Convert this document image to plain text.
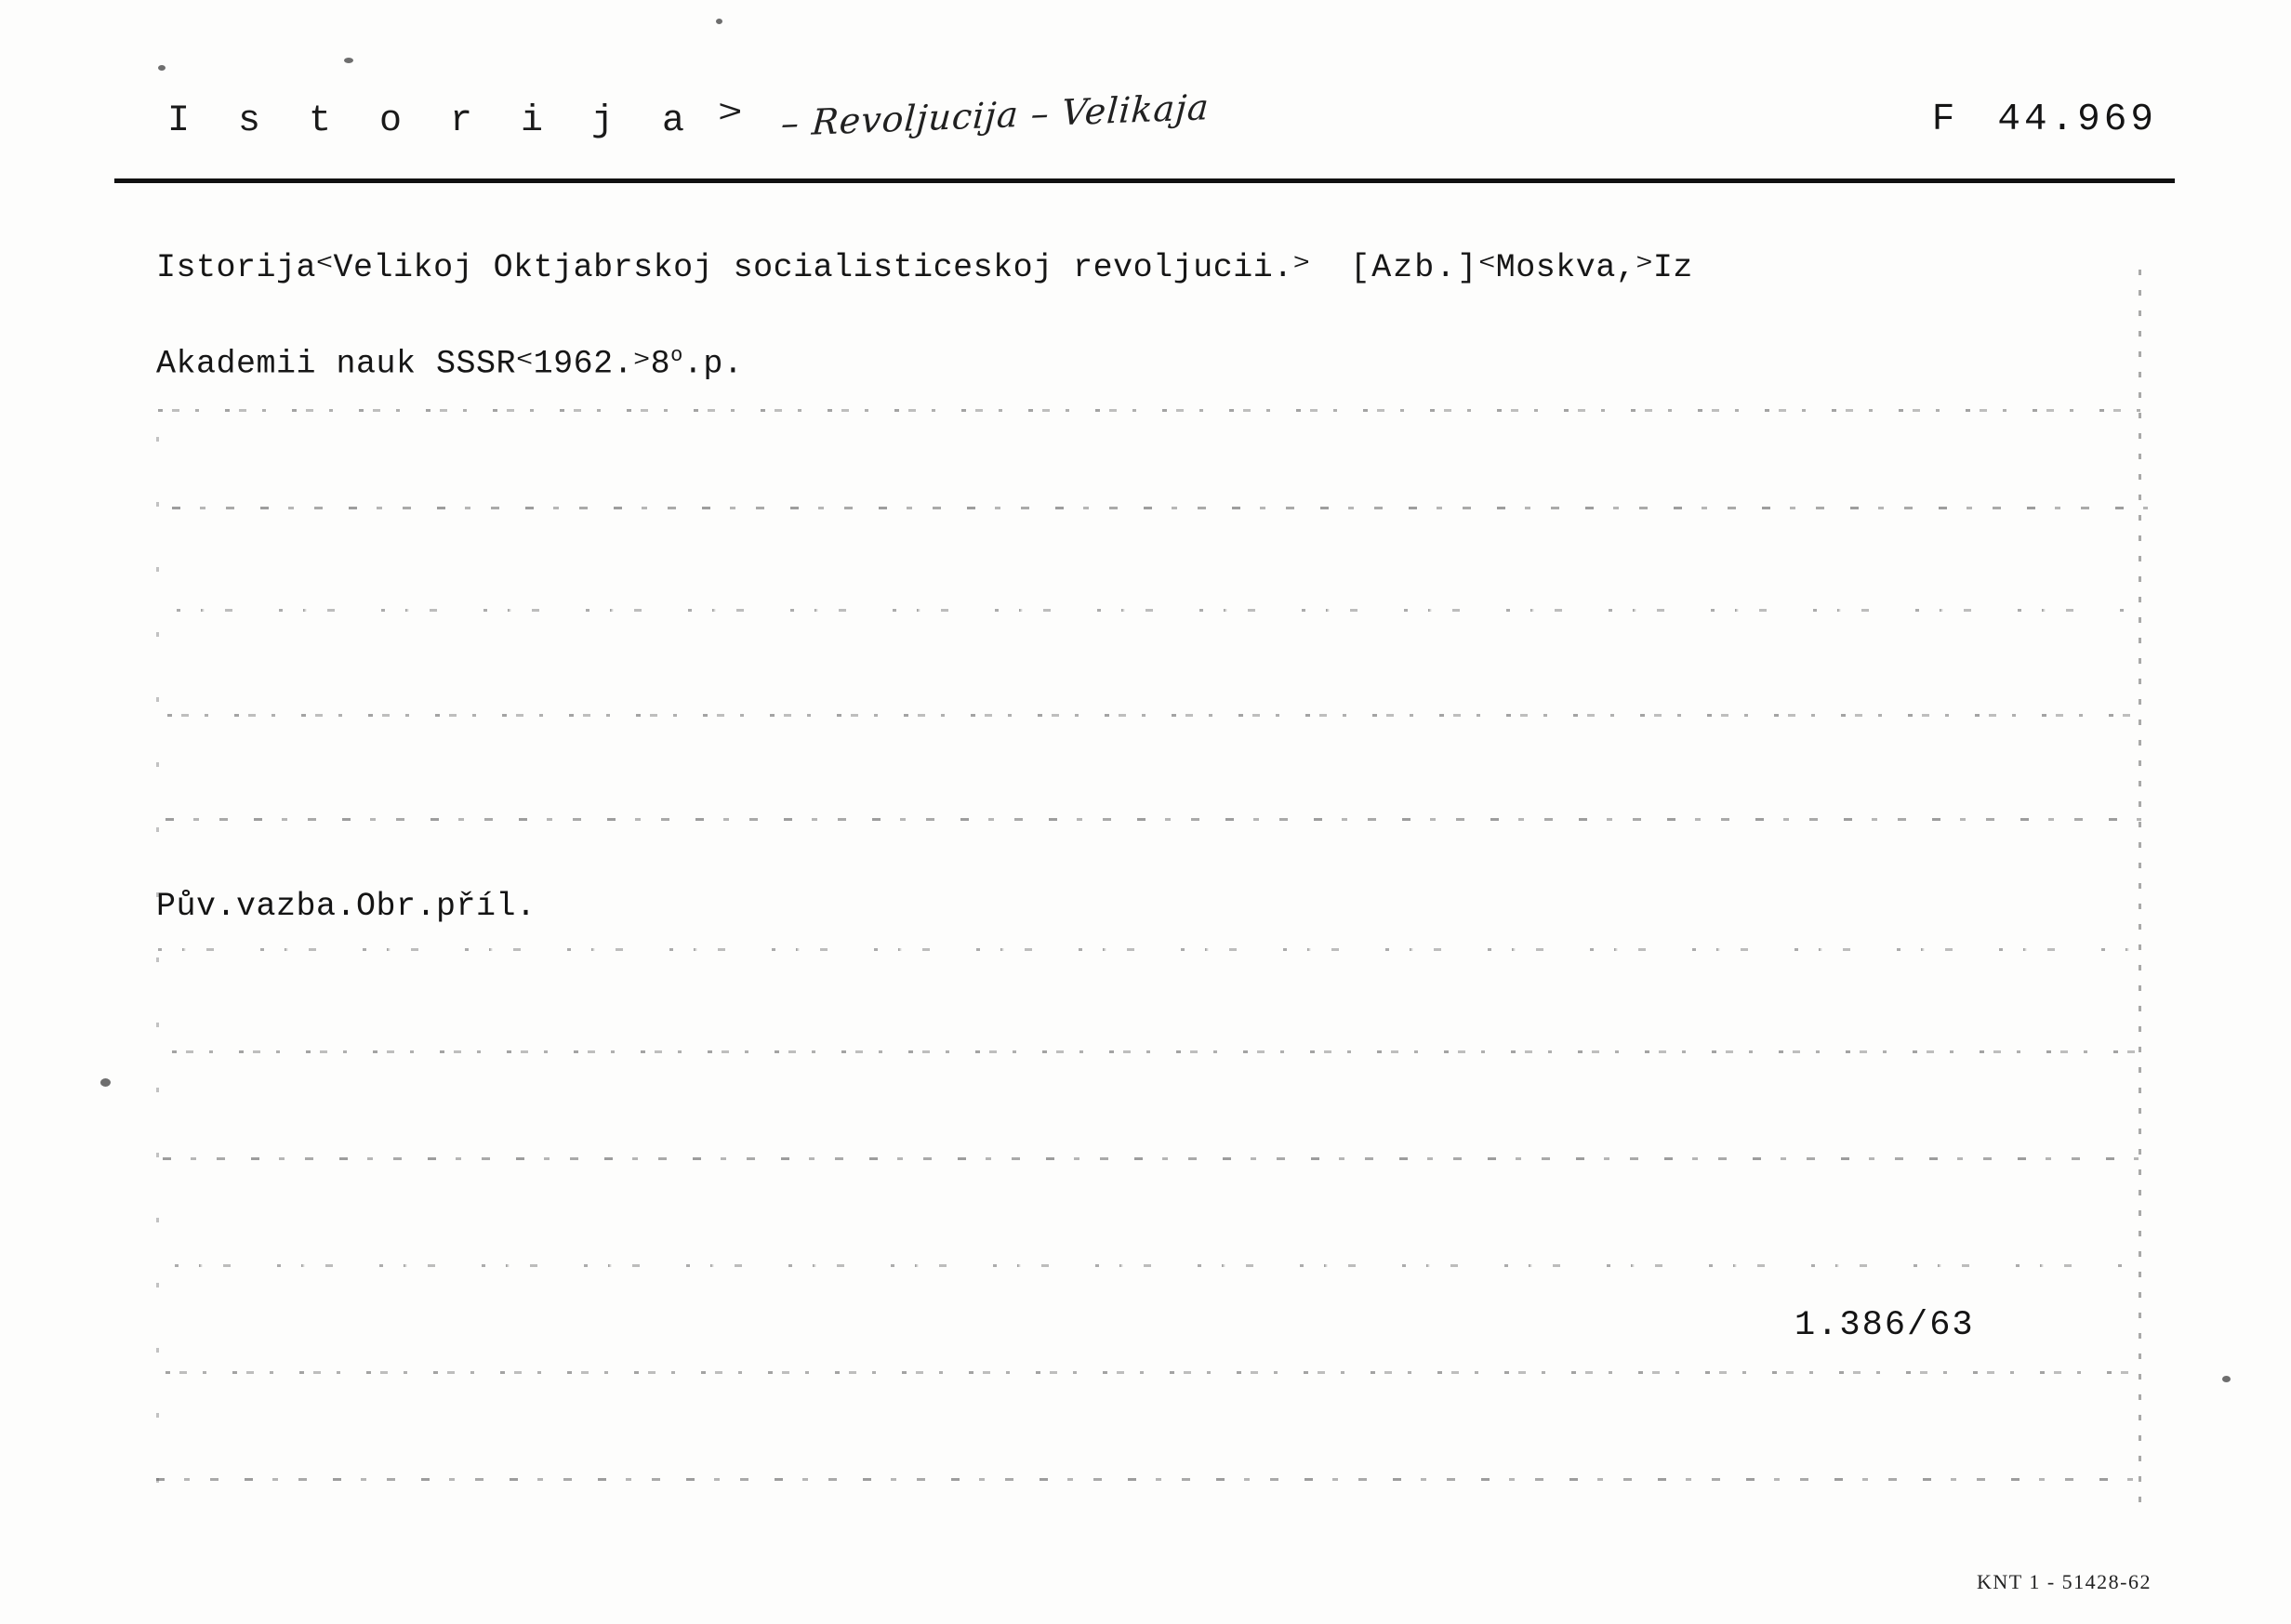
I s t o r i j a > – Revoljucija – Velikaja	F 44.969
Istorija<Velikoj Oktjabrskoj socialisticeskoj revoljucii.> [Azb.]<Moskva,>Iz
Akademii nauk $SSSR<1962.>8^o.p$.
Pův.vazba.Obr.příl.
1.386/63
KNT 1 - 51428-62
